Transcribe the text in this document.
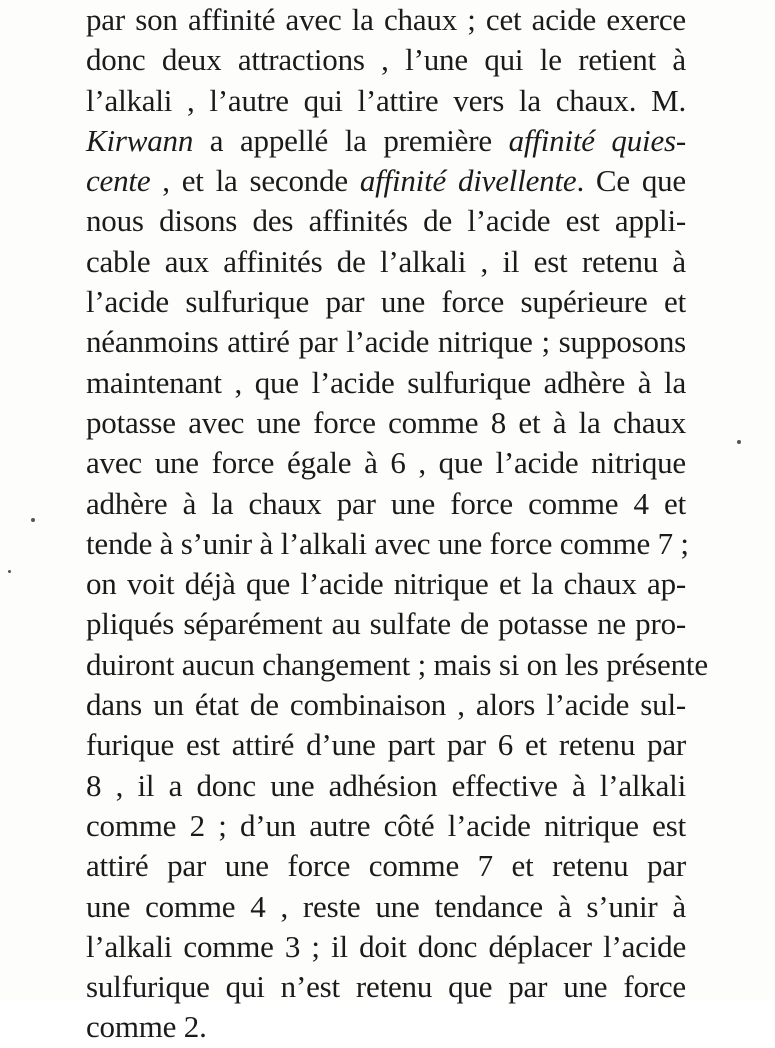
par son affinité avec la chaux ; cet acide exerce
donc deux attractions , l’une qui le retient à
l’alkali , l’autre qui l’attire vers la chaux. M.
Kirwann a appellé la première affinité quies-
cente , et la seconde affinité divellente. Ce que
nous disons des affinités de l’acide est appli-
cable aux affinités de l’alkali , il est retenu à
l’acide sulfurique par une force supérieure et
néanmoins attiré par l’acide nitrique ; supposons
maintenant , que l’acide sulfurique adhère à la
potasse avec une force comme 8 et à la chaux
avec une force égale à 6 , que l’acide nitrique
adhère à la chaux par une force comme 4 et
tende à s’unir à l’alkali avec une force comme 7 ;
on voit déjà que l’acide nitrique et la chaux ap-
pliqués séparément au sulfate de potasse ne pro-
duiront aucun changement ; mais si on les présente
dans un état de combinaison , alors l’acide sul-
furique est attiré d’une part par 6 et retenu par
8 , il a donc une adhésion effective à l’alkali
comme 2 ; d’un autre côté l’acide nitrique est
attiré par une force comme 7 et retenu par
une comme 4 , reste une tendance à s’unir à
l’alkali comme 3 ; il doit donc déplacer l’acide
sulfurique qui n’est retenu que par une force
comme 2.
